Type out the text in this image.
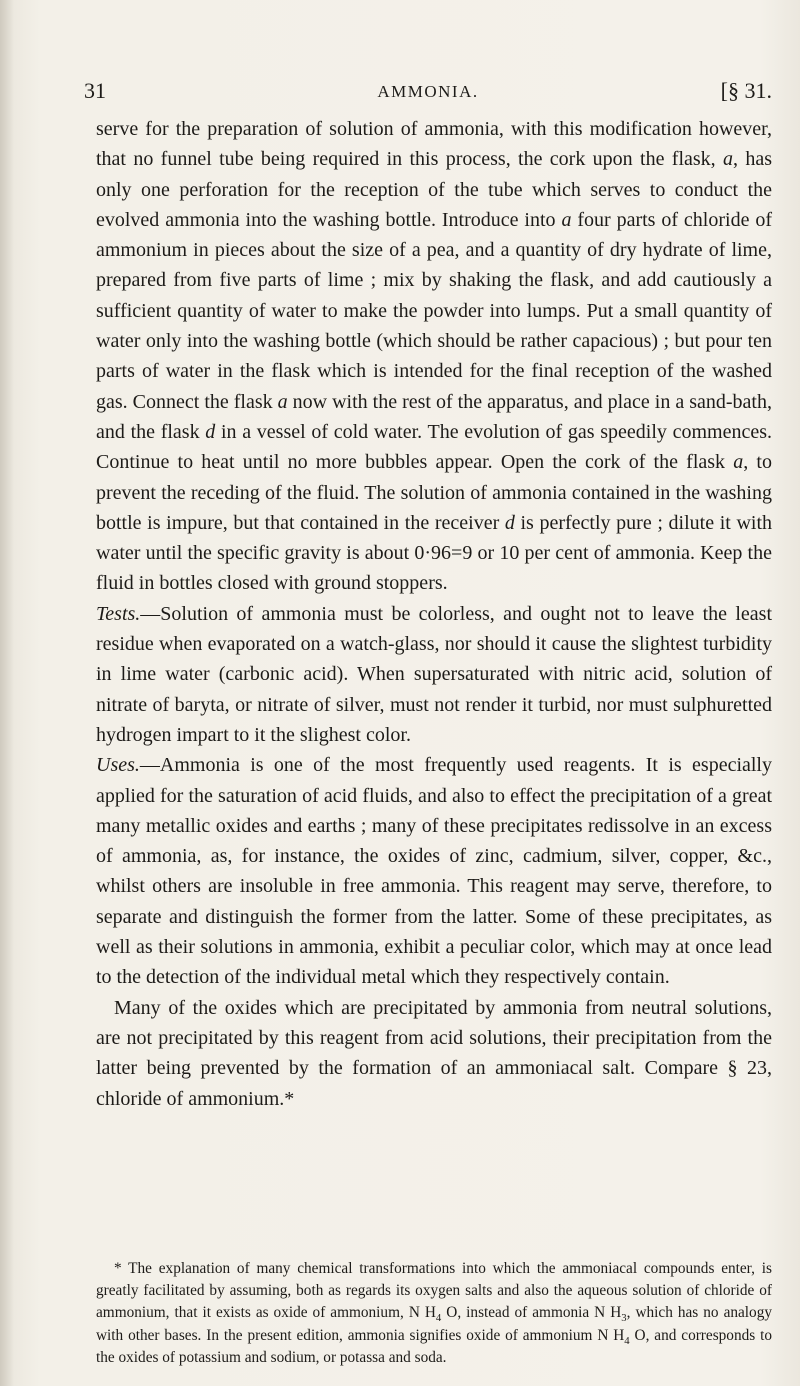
31	AMMONIA.	[§ 31.

serve for the preparation of solution of ammonia, with this modification however, that no funnel tube being required in this process, the cork upon the flask, a, has only one perforation for the reception of the tube which serves to conduct the evolved ammonia into the washing bottle. Introduce into a four parts of chloride of ammonium in pieces about the size of a pea, and a quantity of dry hydrate of lime, prepared from five parts of lime ; mix by shaking the flask, and add cautiously a sufficient quantity of water to make the powder into lumps. Put a small quantity of water only into the washing bottle (which should be rather capacious) ; but pour ten parts of water in the flask which is intended for the final reception of the washed gas. Connect the flask a now with the rest of the apparatus, and place in a sand-bath, and the flask d in a vessel of cold water. The evolution of gas speedily commences. Continue to heat until no more bubbles appear. Open the cork of the flask a, to prevent the receding of the fluid. The solution of ammonia contained in the washing bottle is impure, but that contained in the receiver d is perfectly pure ; dilute it with water until the specific gravity is about 0·96=9 or 10 per cent of ammonia. Keep the fluid in bottles closed with ground stoppers.

Tests.—Solution of ammonia must be colorless, and ought not to leave the least residue when evaporated on a watch-glass, nor should it cause the slightest turbidity in lime water (carbonic acid). When supersaturated with nitric acid, solution of nitrate of baryta, or nitrate of silver, must not render it turbid, nor must sulphuretted hydrogen impart to it the slighest color.

Uses.—Ammonia is one of the most frequently used reagents. It is especially applied for the saturation of acid fluids, and also to effect the precipitation of a great many metallic oxides and earths ; many of these precipitates redissolve in an excess of ammonia, as, for instance, the oxides of zinc, cadmium, silver, copper, &c., whilst others are insoluble in free ammonia. This reagent may serve, therefore, to separate and distinguish the former from the latter. Some of these precipitates, as well as their solutions in ammonia, exhibit a peculiar color, which may at once lead to the detection of the individual metal which they respectively contain.

Many of the oxides which are precipitated by ammonia from neutral solutions, are not precipitated by this reagent from acid solutions, their precipitation from the latter being prevented by the formation of an ammoniacal salt. Compare § 23, chloride of ammonium.*

* The explanation of many chemical transformations into which the ammoniacal compounds enter, is greatly facilitated by assuming, both as regards its oxygen salts and also the aqueous solution of chloride of ammonium, that it exists as oxide of ammonium, N $H_4$ O, instead of ammonia N $H_3$, which has no analogy with other bases. In the present edition, ammonia signifies oxide of ammonium N $H_4$ O, and corresponds to the oxides of potassium and sodium, or potassa and soda.
